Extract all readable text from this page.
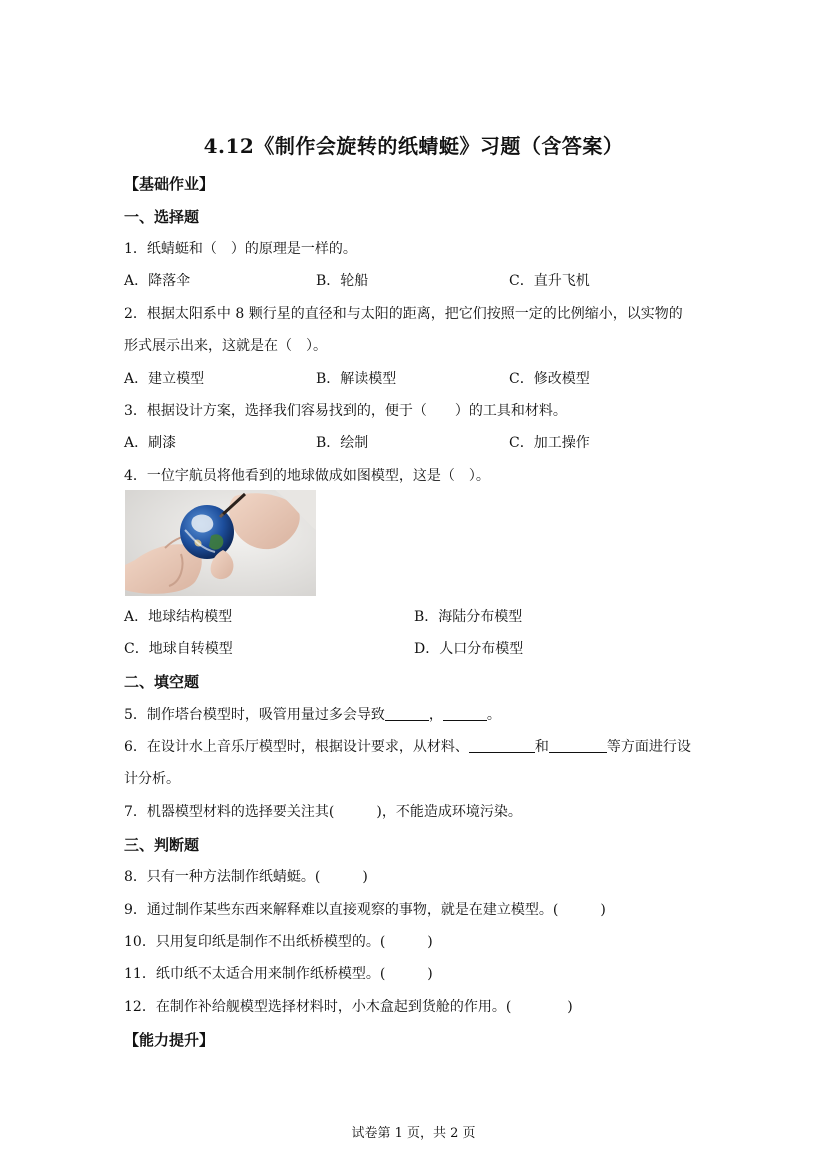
4.12《制作会旋转的纸蜻蜓》习题（含答案）
【基础作业】
一、选择题
1．纸蜻蜓和（　）的原理是一样的。
A．降落伞	B．轮船	C．直升飞机
2．根据太阳系中 8 颗行星的直径和与太阳的距离，把它们按照一定的比例缩小，以实物的
形式展示出来，这就是在（　）。
A．建立模型	B．解读模型	C．修改模型
3．根据设计方案，选择我们容易找到的，便于（　　）的工具和材料。
A．刷漆	B．绘制	C．加工操作
4．一位宇航员将他看到的地球做成如图模型，这是（　）。
A．地球结构模型	B．海陆分布模型
C．地球自转模型	D．人口分布模型
二、填空题
5．制作塔台模型时，吸管用量过多会导致	，	。
6．在设计水上音乐厅模型时，根据设计要求，从材料、	和	等方面进行设
计分析。
7．机器模型材料的选择要关注其(　　　)，不能造成环境污染。
三、判断题
8．只有一种方法制作纸蜻蜓。(　　　)
9．通过制作某些东西来解释难以直接观察的事物，就是在建立模型。(　　　)
10．只用复印纸是制作不出纸桥模型的。(　　　)
11．纸巾纸不太适合用来制作纸桥模型。(　　　)
12．在制作补给舰模型选择材料时，小木盒起到货舱的作用。(　　　　)
【能力提升】
试卷第 1 页，共 2 页
